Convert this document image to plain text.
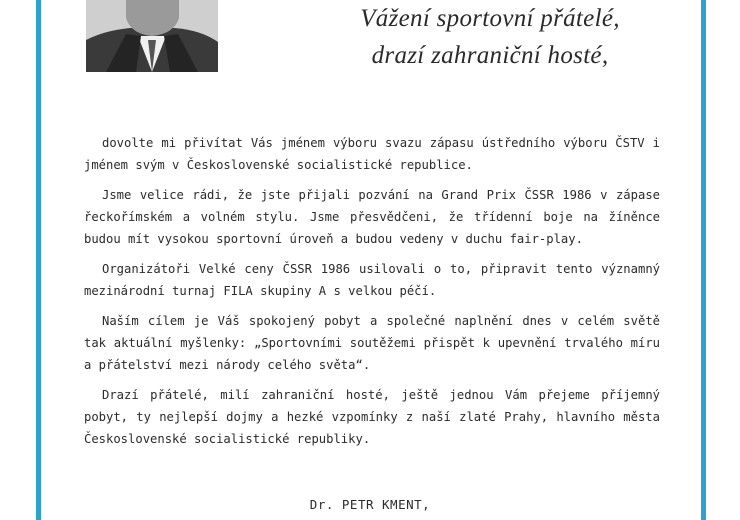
Vážení sportovní přátelé,
drazí zahraniční hosté,

dovolte mi přivítat Vás jménem výboru svazu zápasu ústředního výboru ČSTV i jménem svým v Československé socialistické republice.

Jsme velice rádi, že jste přijali pozvání na Grand Prix ČSSR 1986 v zápase řeckořímském a volném stylu. Jsme přesvědčeni, že třídenní boje na žíněnce budou mít vysokou sportovní úroveň a budou vedeny v duchu fair-play.

Organizátoři Velké ceny ČSSR 1986 usilovali o to, připravit tento významný mezinárodní turnaj FILA skupiny A s velkou péčí.

Naším cílem je Váš spokojený pobyt a společné naplnění dnes v celém světě tak aktuální myšlenky: „Sportovními soutěžemi přispět k upevnění trvalého míru a přátelství mezi národy celého světa“.

Drazí přátelé, milí zahraniční hosté, ještě jednou Vám přejeme příjemný pobyt, ty nejlepší dojmy a hezké vzpomínky z naší zlaté Prahy, hlavního města Československé socialistické republiky.

Dr. PETR KMENT,
